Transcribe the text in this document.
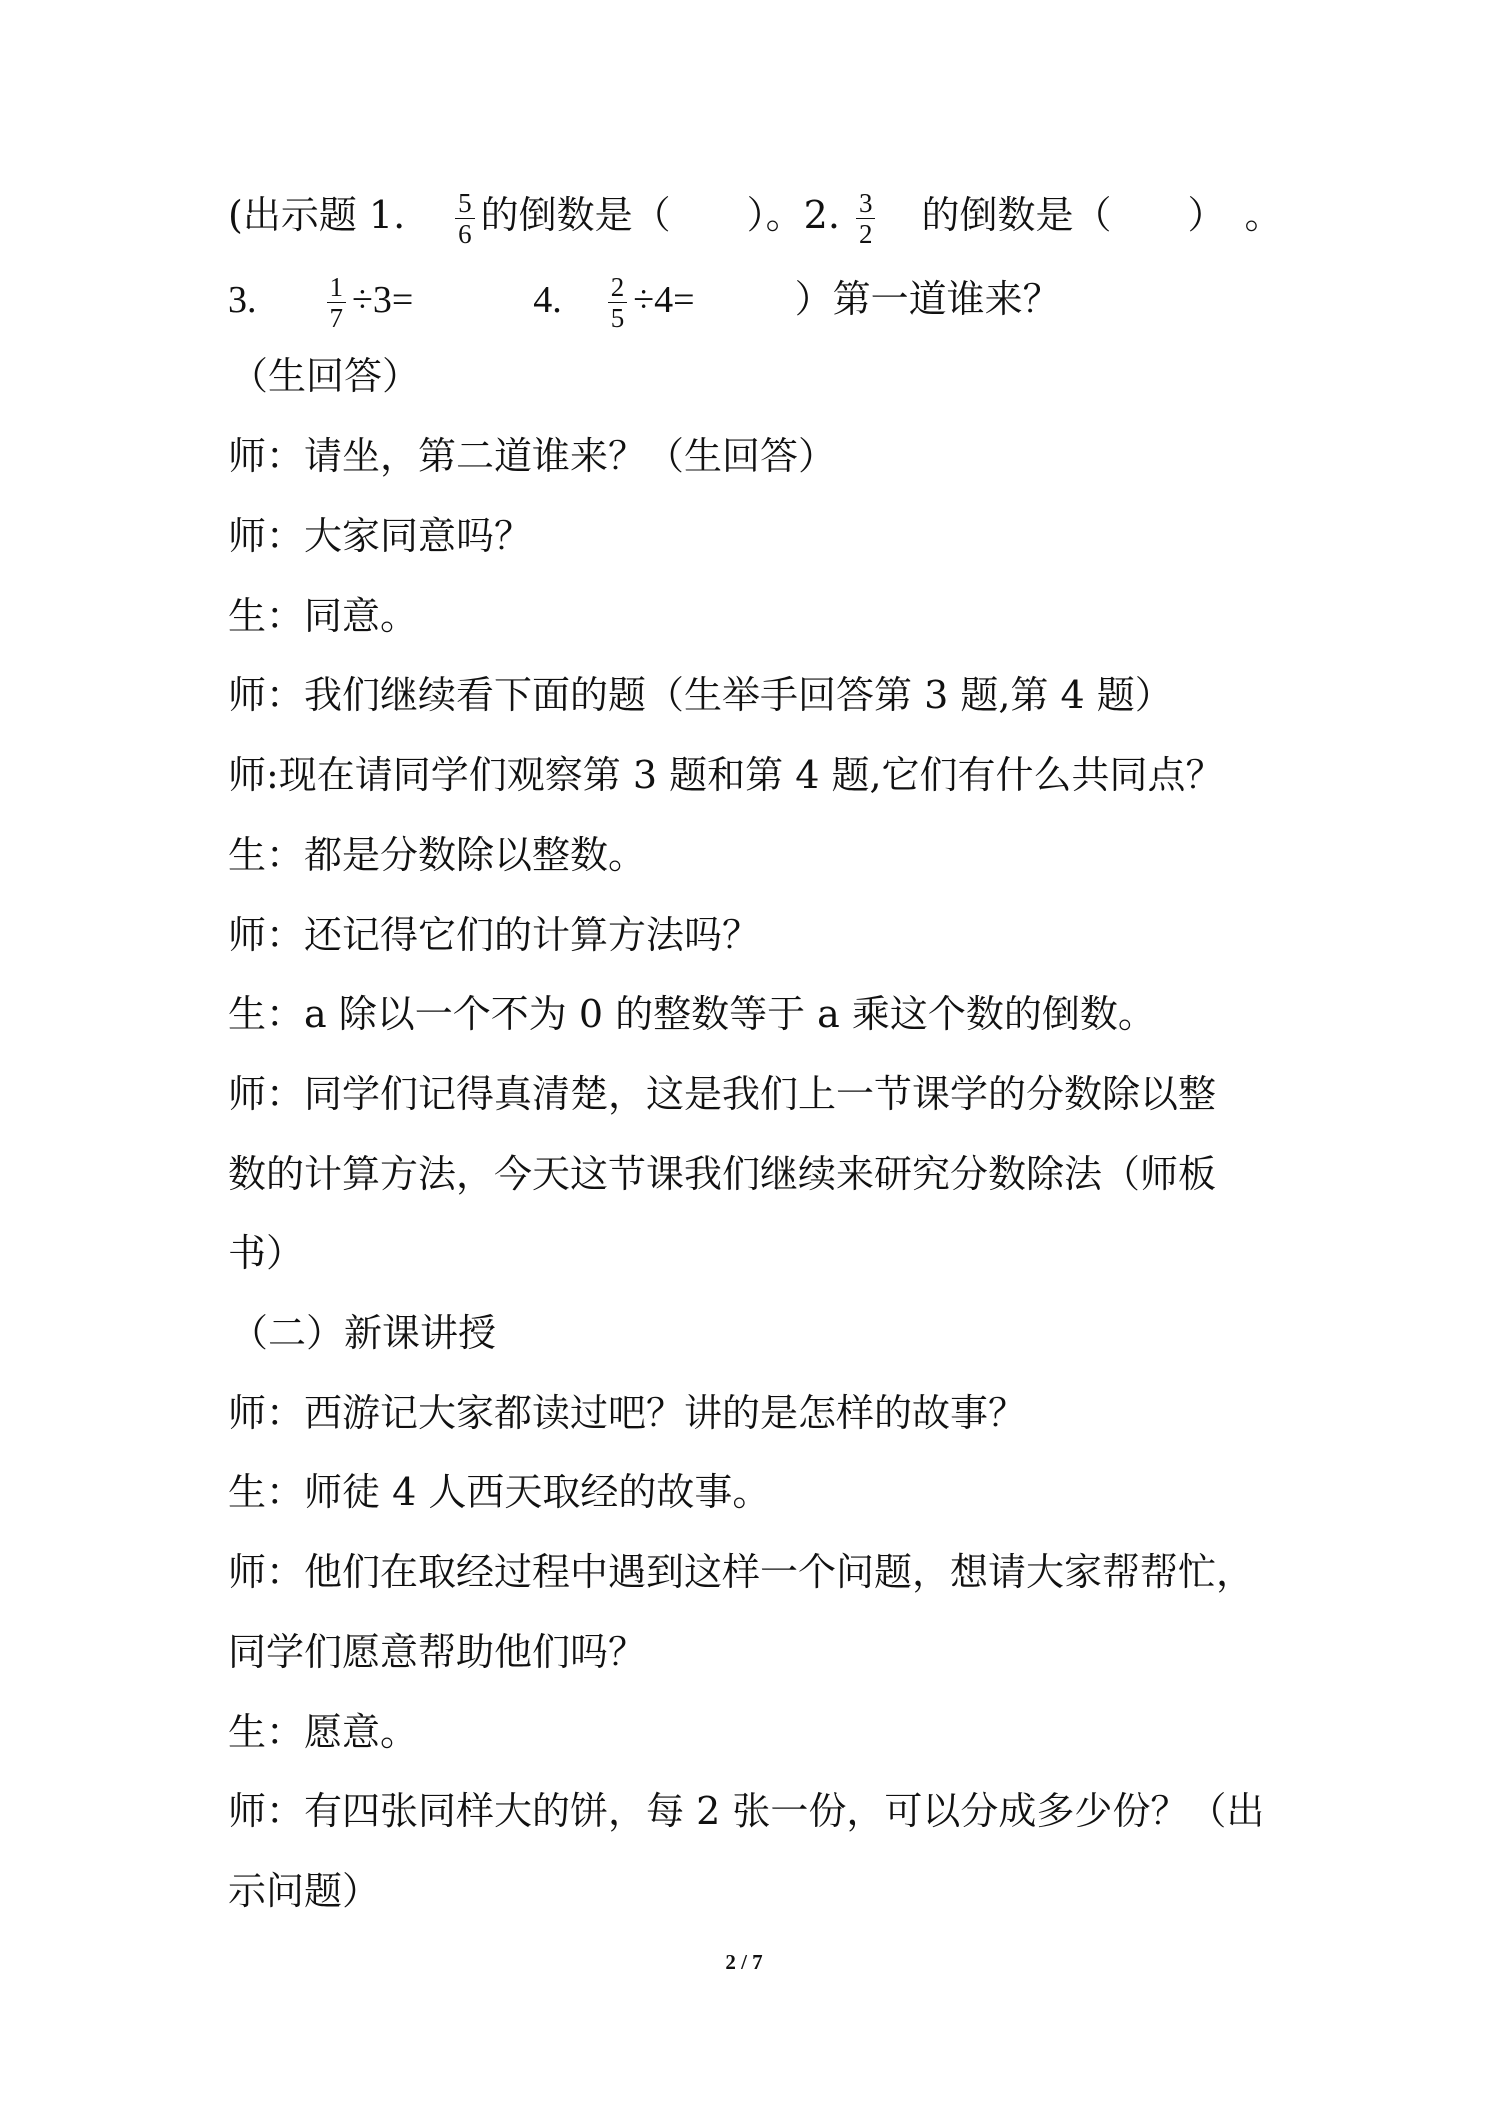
(出示题 1. $\frac{5}{6}$ 的倒数是（　　）。2. $\frac{3}{2}$ 的倒数是（　　）　。
3.	$\frac{1}{7} \div 3=$	4. $\frac{2}{5} \div 4=$	）第一道谁来？
（生回答）
师：请坐，第二道谁来？（生回答）
师：大家同意吗？
生：同意。
师：我们继续看下面的题（生举手回答第 3 题,第 4 题）
师:现在请同学们观察第 3 题和第 4 题,它们有什么共同点？
生：都是分数除以整数。
师：还记得它们的计算方法吗？
生：a 除以一个不为 0 的整数等于 a 乘这个数的倒数。
师：同学们记得真清楚，这是我们上一节课学的分数除以整
数的计算方法，今天这节课我们继续来研究分数除法（师板
书）
（二）新课讲授
师：西游记大家都读过吧？讲的是怎样的故事？
生：师徒 4 人西天取经的故事。
师：他们在取经过程中遇到这样一个问题，想请大家帮帮忙，
同学们愿意帮助他们吗？
生：愿意。
师：有四张同样大的饼，每 2 张一份，可以分成多少份？（出
示问题）
2 / 7
